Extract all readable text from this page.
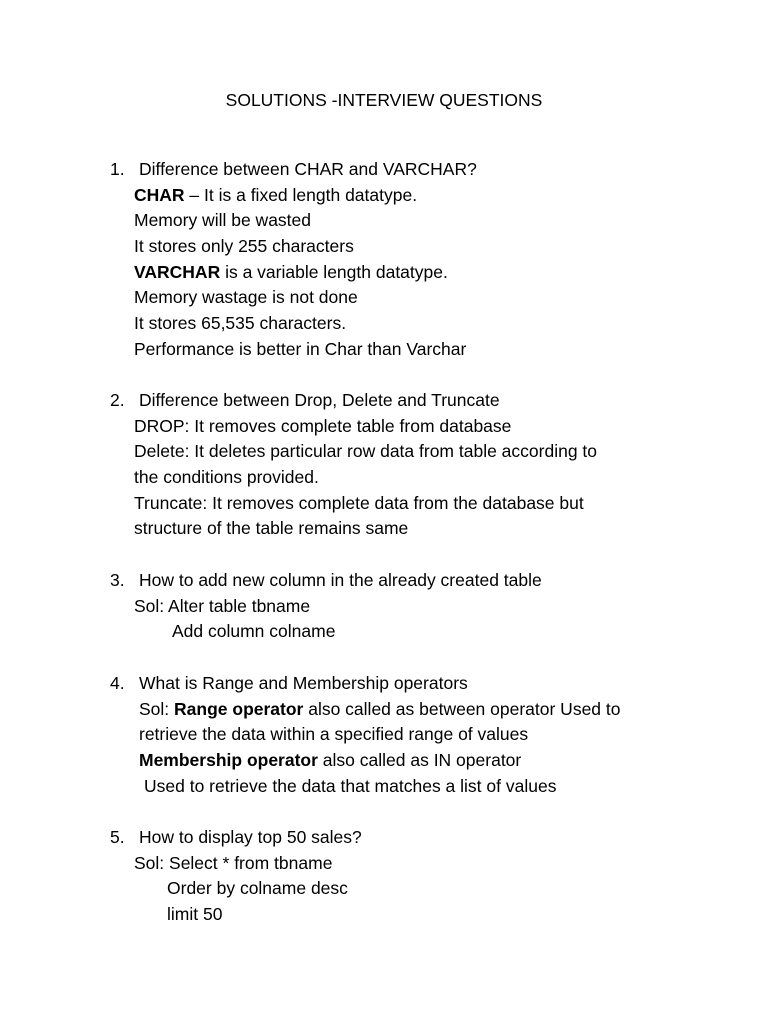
SOLUTIONS -INTERVIEW QUESTIONS
1. Difference between CHAR and VARCHAR?
CHAR – It is a fixed length datatype.
Memory will be wasted
It stores only 255 characters
VARCHAR is a variable length datatype.
Memory wastage is not done
It stores 65,535 characters.
Performance is better in Char than Varchar
2. Difference between Drop, Delete and Truncate
DROP: It removes complete table from database
Delete: It deletes particular row data from table according to
the conditions provided.
Truncate: It removes complete data from the database but
structure of the table remains same
3. How to add new column in the already created table
Sol: Alter table tbname
Add column colname
4. What is Range and Membership operators
Sol: Range operator also called as between operator Used to
retrieve the data within a specified range of values
Membership operator also called as IN operator
Used to retrieve the data that matches a list of values
5. How to display top 50 sales?
Sol: Select * from tbname
Order by colname desc
limit 50
